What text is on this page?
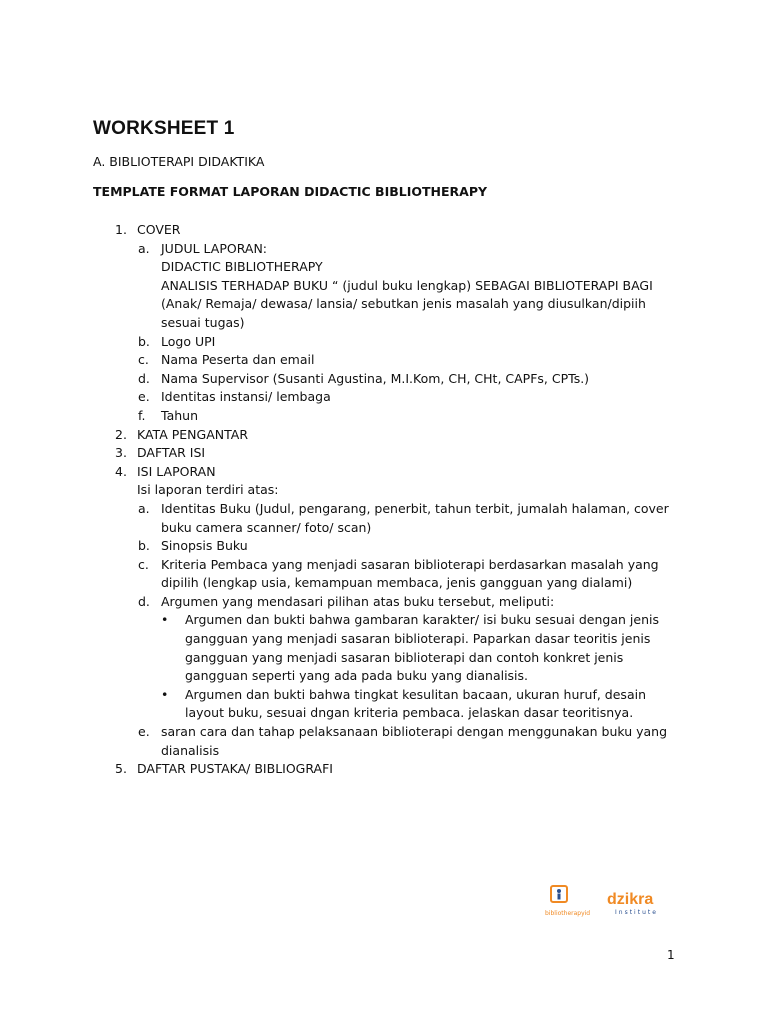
WORKSHEET 1
A. BIBLIOTERAPI DIDAKTIKA
TEMPLATE FORMAT LAPORAN DIDACTIC BIBLIOTHERAPY
1. COVER
a. JUDUL LAPORAN:
DIDACTIC BIBLIOTHERAPY
ANALISIS TERHADAP BUKU “ (judul buku lengkap) SEBAGAI BIBLIOTERAPI BAGI
(Anak/ Remaja/ dewasa/ lansia/ sebutkan jenis masalah yang diusulkan/dipiih
sesuai tugas)
b. Logo UPI
c. Nama Peserta dan email
d. Nama Supervisor (Susanti Agustina, M.I.Kom, CH, CHt, CAPFs, CPTs.)
e. Identitas instansi/ lembaga
f.	Tahun
2. KATA PENGANTAR
3. DAFTAR ISI
4. ISI LAPORAN
Isi laporan terdiri atas:
a. Identitas Buku (Judul, pengarang, penerbit, tahun terbit, jumalah halaman, cover
buku camera scanner/ foto/ scan)
b. Sinopsis Buku
c. Kriteria Pembaca yang menjadi sasaran biblioterapi berdasarkan masalah yang
dipilih (lengkap usia, kemampuan membaca, jenis gangguan yang dialami)
d. Argumen yang mendasari pilihan atas buku tersebut, meliputi:
•	Argumen dan bukti bahwa gambaran karakter/ isi buku sesuai dengan jenis
gangguan yang menjadi sasaran biblioterapi. Paparkan dasar teoritis jenis
gangguan yang menjadi sasaran biblioterapi dan contoh konkret jenis
gangguan seperti yang ada pada buku yang dianalisis.
•	Argumen dan bukti bahwa tingkat kesulitan bacaan, ukuran huruf, desain
layout buku, sesuai dngan kriteria pembaca. jelaskan dasar teoritisnya.
e. saran cara dan tahap pelaksanaan biblioterapi dengan menggunakan buku yang
dianalisis
5. DAFTAR PUSTAKA/ BIBLIOGRAFI
bibliotherapyid
dzikra
Institute
1
